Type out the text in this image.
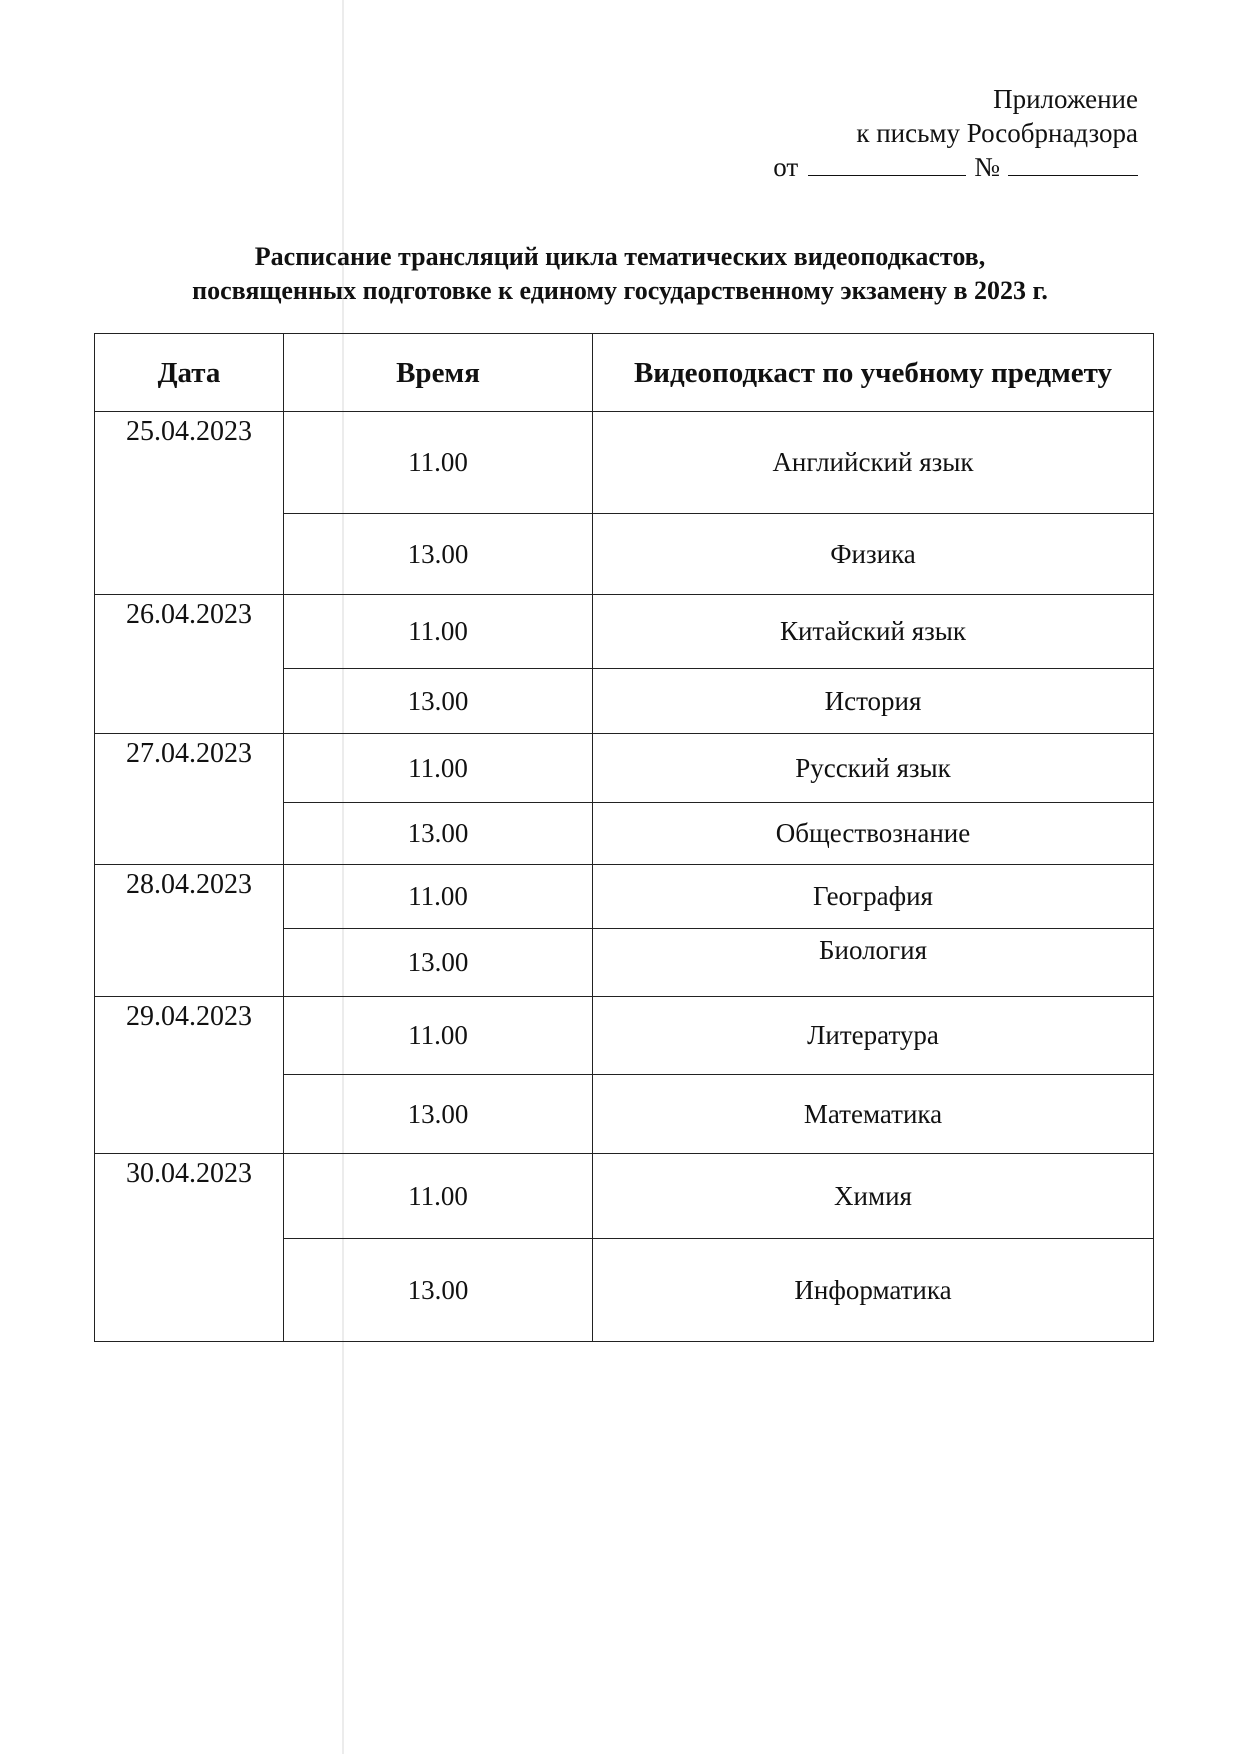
Приложение
к письму Рособрнадзора
от	№
Расписание трансляций цикла тематических видеоподкастов,
посвященных подготовке к единому государственному экзамену в 2023 г.
Дата	Время	Видеоподкаст по учебному предмету
25.04.2023	11.00	Английский язык
	13.00	Физика
26.04.2023	11.00	Китайский язык
	13.00	История
27.04.2023	11.00	Русский язык
	13.00	Обществознание
28.04.2023	11.00	География
	13.00	Биология
29.04.2023	11.00	Литература
	13.00	Математика
30.04.2023	11.00	Химия
	13.00	Информатика
